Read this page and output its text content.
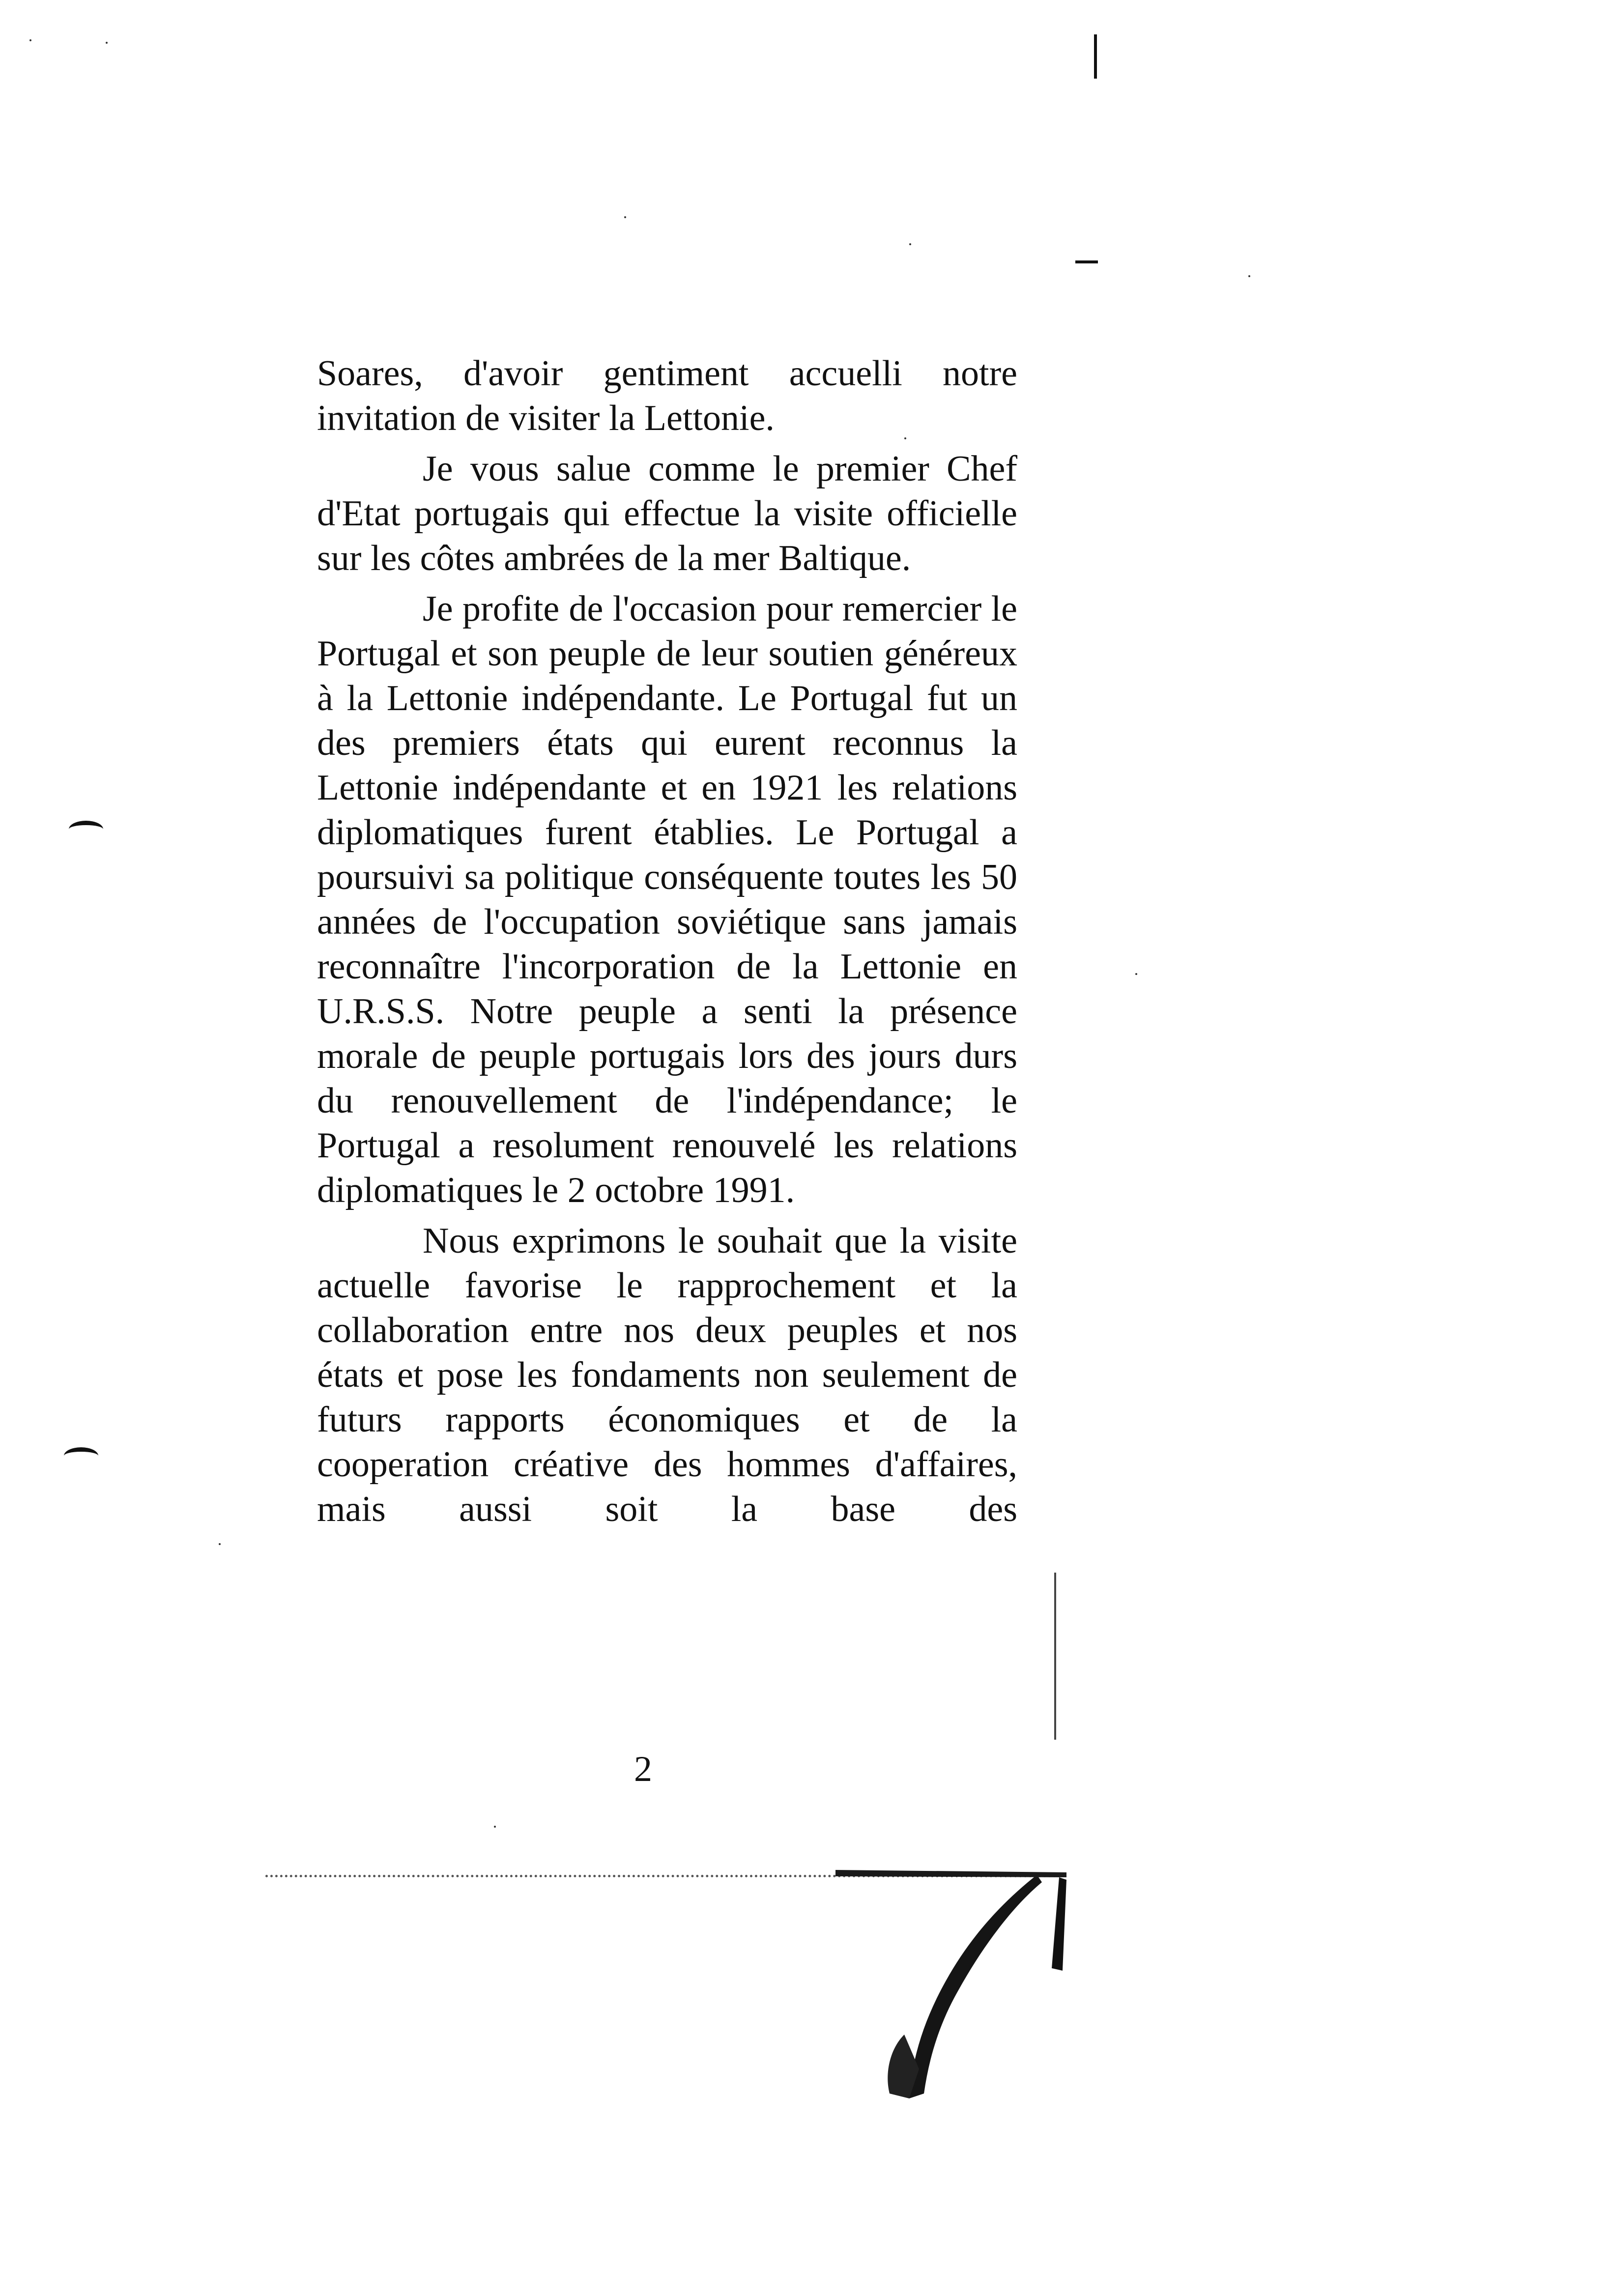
Soares, d'avoir gentiment accuelli notre invitation de visiter la Lettonie.

Je vous salue comme le premier Chef d'Etat portugais qui effectue la visite officielle sur les côtes ambrées de la mer Baltique.

Je profite de l'occasion pour remercier le Portugal et son peuple de leur soutien généreux à la Lettonie indépendante. Le Portugal fut un des premiers états qui eurent reconnus la Lettonie indépendante et en 1921 les relations diplomatiques furent établies. Le Portugal a poursuivi sa politique conséquente toutes les 50 années de l'occupation soviétique sans jamais reconnaître l'incorporation de la Lettonie en U.R.S.S. Notre peuple a senti la présence morale de peuple portugais lors des jours durs du renouvellement de l'indépendance; le Portugal a resolument renouvelé les relations diplomatiques le 2 octobre 1991.

Nous exprimons le souhait que la visite actuelle favorise le rapprochement et la collaboration entre nos deux peuples et nos états et pose les fondaments non seulement de futurs rapports économiques et de la cooperation créative des hommes d'affaires, mais aussi soit la base des

2
